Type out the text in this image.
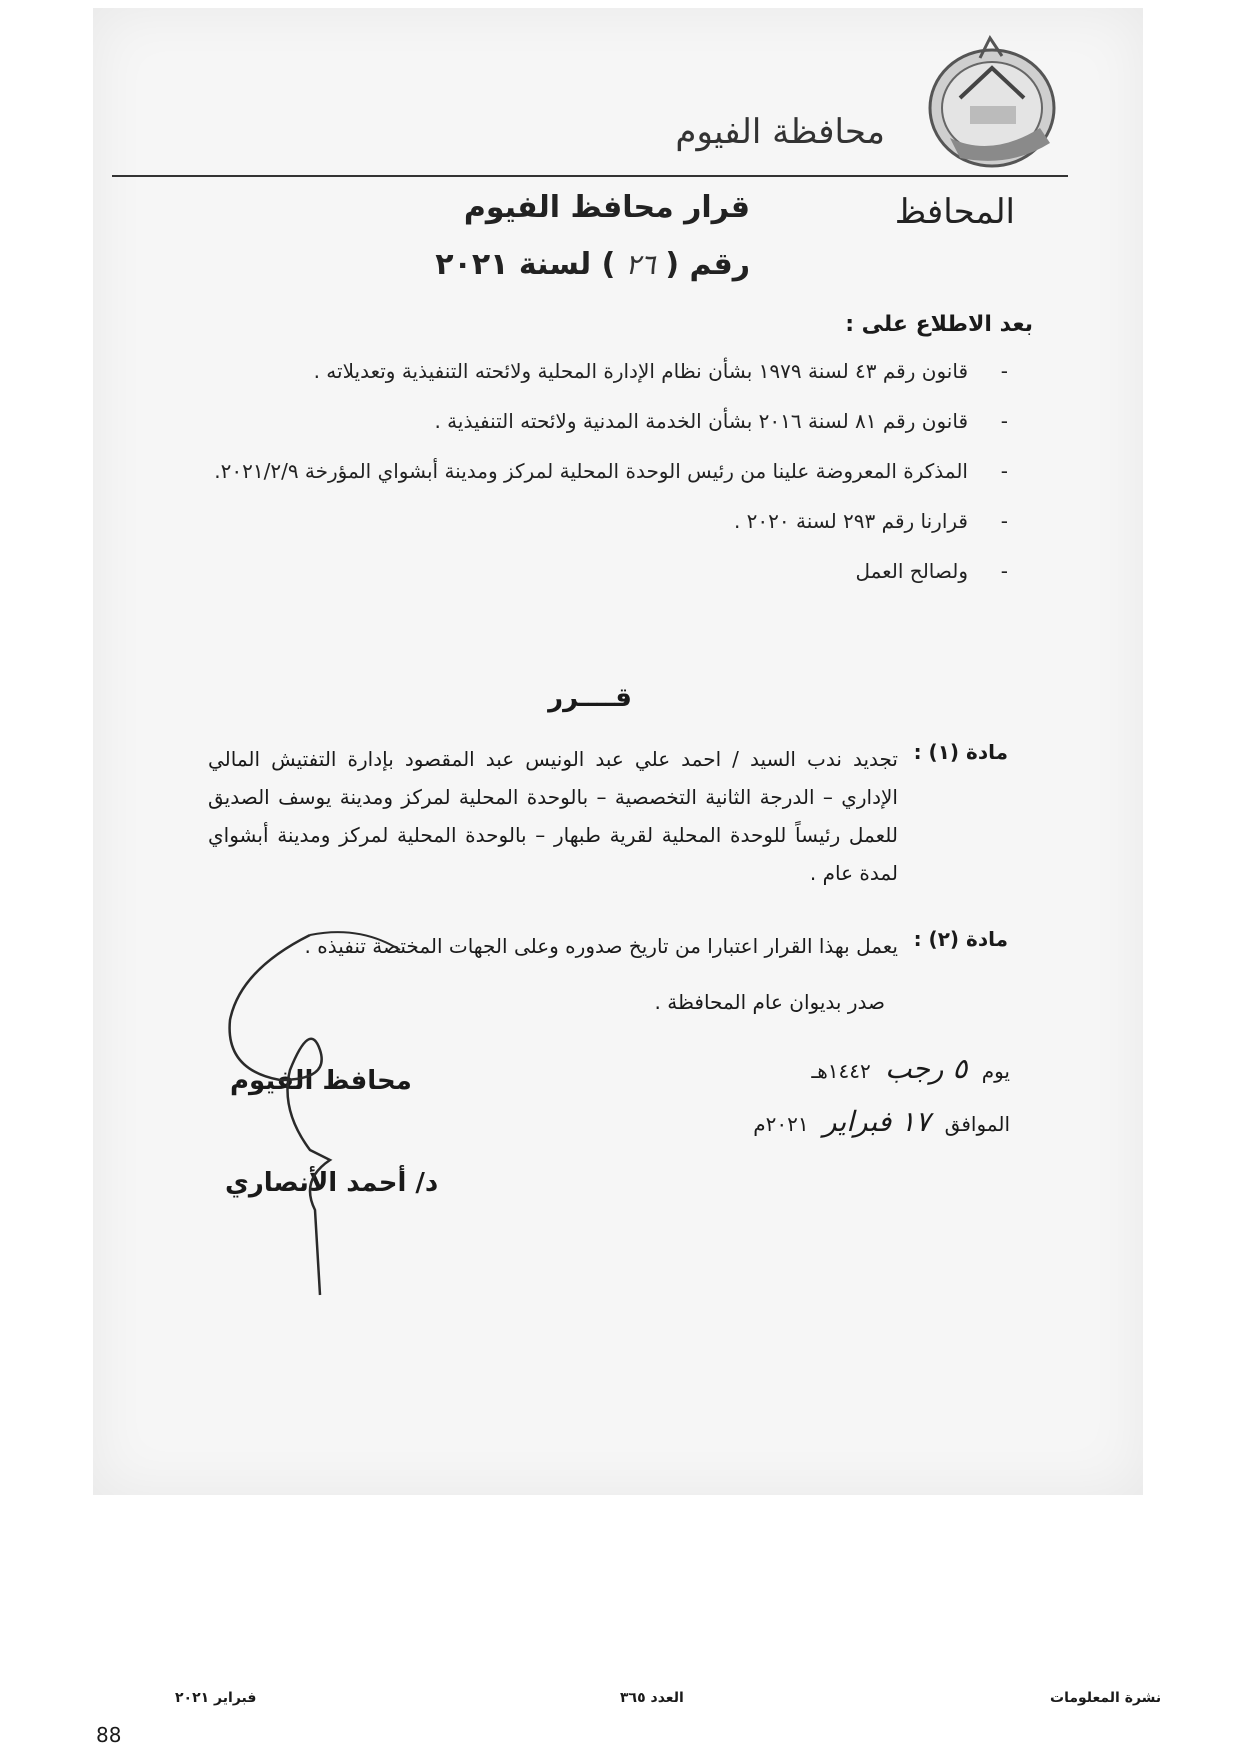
محافظة الفيوم
المحافظ
قرار محافظ الفيوم
رقم (٢٦) لسنة ٢٠٢١
بعد الاطلاع على :
-
قانون رقم ٤٣ لسنة ١٩٧٩ بشأن نظام الإدارة المحلية ولائحته التنفيذية وتعديلاته .
-
قانون رقم ٨١ لسنة ٢٠١٦ بشأن الخدمة المدنية ولائحته التنفيذية .
-
المذكرة المعروضة علينا من رئيس الوحدة المحلية لمركز ومدينة أبشواي المؤرخة ٢٠٢١/٢/٩.
-
قرارنا رقم ٢٩٣ لسنة ٢٠٢٠ .
-
ولصالح العمل
قــــرر
مادة (١) :
تجديد ندب السيد / احمد علي عبد الونيس عبد المقصود بإدارة التفتيش المالي الإداري – الدرجة الثانية التخصصية – بالوحدة المحلية لمركز ومدينة يوسف الصديق للعمل رئيساً للوحدة المحلية لقرية طبهار – بالوحدة المحلية لمركز ومدينة أبشواي لمدة عام .
مادة (٢) :
يعمل بهذا القرار اعتبارا من تاريخ صدوره وعلى الجهات المختصة تنفيذه .
صدر بديوان عام المحافظة .
يوم ٥ رجب ١٤٤٢هـ
الموافق ١٧ فبراير ٢٠٢١م
محافظ الفيوم
د/ أحمد الأنصاري
فبراير ٢٠٢١	العدد ٣٦٥	نشرة المعلومات
88
